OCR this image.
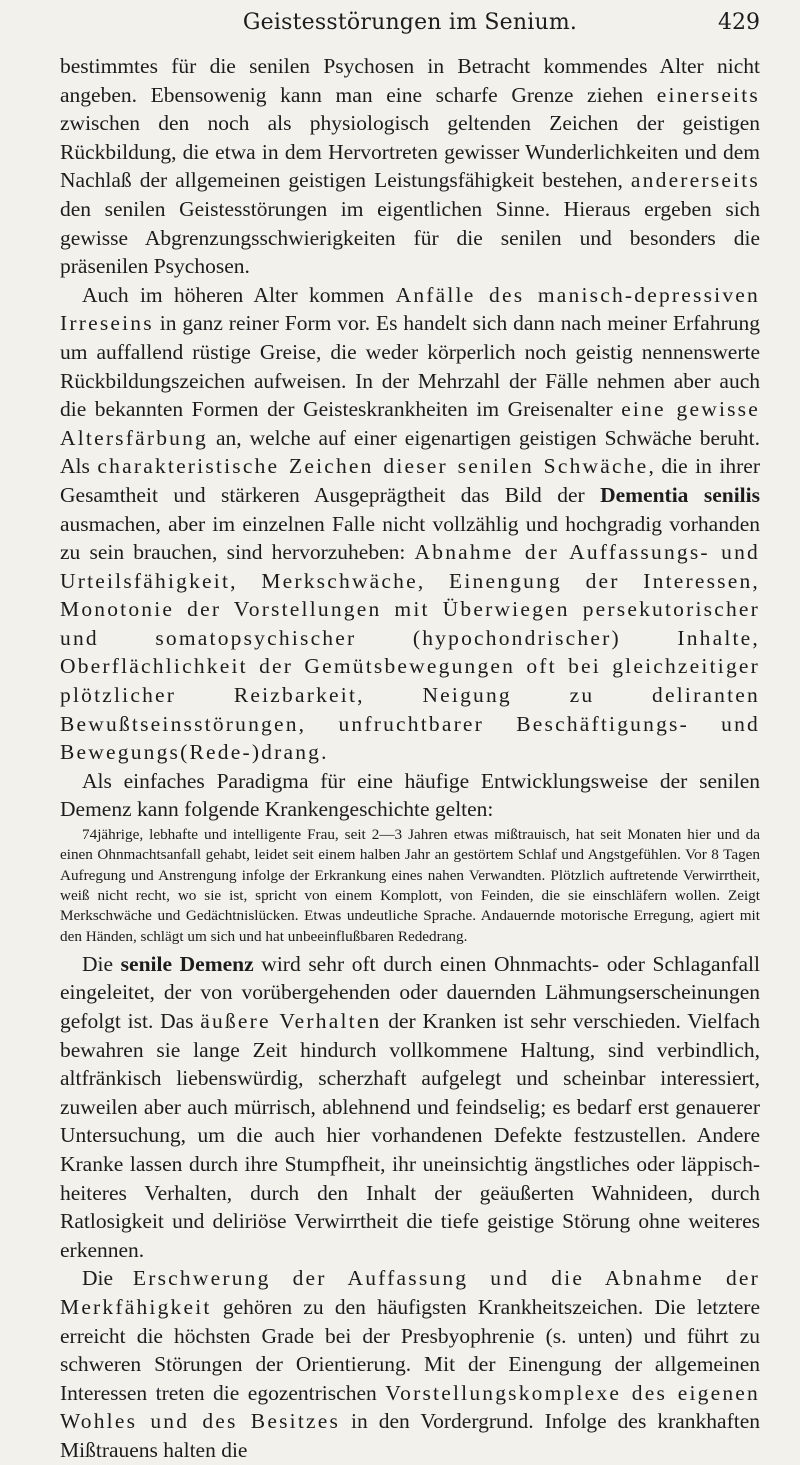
Geistesstörungen im Senium.	429

bestimmtes für die senilen Psychosen in Betracht kommendes Alter nicht angeben. Ebensowenig kann man eine scharfe Grenze ziehen einerseits zwischen den noch als physiologisch geltenden Zeichen der geistigen Rückbildung, die etwa in dem Hervortreten gewisser Wunderlichkeiten und dem Nachlaß der allgemeinen geistigen Leistungsfähigkeit bestehen, andererseits den senilen Geistesstörungen im eigentlichen Sinne. Hieraus ergeben sich gewisse Abgrenzungsschwierigkeiten für die senilen und besonders die präsenilen Psychosen.

Auch im höheren Alter kommen Anfälle des manisch-depressiven Irreseins in ganz reiner Form vor. Es handelt sich dann nach meiner Erfahrung um auffallend rüstige Greise, die weder körperlich noch geistig nennenswerte Rückbildungszeichen aufweisen. In der Mehrzahl der Fälle nehmen aber auch die bekannten Formen der Geisteskrankheiten im Greisenalter eine gewisse Altersfärbung an, welche auf einer eigenartigen geistigen Schwäche beruht. Als charakteristische Zeichen dieser senilen Schwäche, die in ihrer Gesamtheit und stärkeren Ausgeprägtheit das Bild der Dementia senilis ausmachen, aber im einzelnen Falle nicht vollzählig und hochgradig vorhanden zu sein brauchen, sind hervorzuheben: Abnahme der Auffassungs- und Urteilsfähigkeit, Merkschwäche, Einengung der Interessen, Monotonie der Vorstellungen mit Überwiegen persekutorischer und somatopsychischer (hypochondrischer) Inhalte, Oberflächlichkeit der Gemütsbewegungen oft bei gleichzeitiger plötzlicher Reizbarkeit, Neigung zu deliranten Bewußtseinsstörungen, unfruchtbarer Beschäftigungs- und Bewegungs(Rede-)drang.

Als einfaches Paradigma für eine häufige Entwicklungsweise der senilen Demenz kann folgende Krankengeschichte gelten:

74jährige, lebhafte und intelligente Frau, seit 2—3 Jahren etwas mißtrauisch, hat seit Monaten hier und da einen Ohnmachtsanfall gehabt, leidet seit einem halben Jahr an gestörtem Schlaf und Angstgefühlen. Vor 8 Tagen Aufregung und Anstrengung infolge der Erkrankung eines nahen Verwandten. Plötzlich auftretende Verwirrtheit, weiß nicht recht, wo sie ist, spricht von einem Komplott, von Feinden, die sie einschläfern wollen. Zeigt Merkschwäche und Gedächtnislücken. Etwas undeutliche Sprache. Andauernde motorische Erregung, agiert mit den Händen, schlägt um sich und hat unbeeinflußbaren Rededrang.

Die senile Demenz wird sehr oft durch einen Ohnmachts- oder Schlaganfall eingeleitet, der von vorübergehenden oder dauernden Lähmungserscheinungen gefolgt ist. Das äußere Verhalten der Kranken ist sehr verschieden. Vielfach bewahren sie lange Zeit hindurch vollkommene Haltung, sind verbindlich, altfränkisch liebenswürdig, scherzhaft aufgelegt und scheinbar interessiert, zuweilen aber auch mürrisch, ablehnend und feindselig; es bedarf erst genauerer Untersuchung, um die auch hier vorhandenen Defekte festzustellen. Andere Kranke lassen durch ihre Stumpfheit, ihr uneinsichtig ängstliches oder läppisch-heiteres Verhalten, durch den Inhalt der geäußerten Wahnideen, durch Ratlosigkeit und deliriöse Verwirrtheit die tiefe geistige Störung ohne weiteres erkennen.

Die Erschwerung der Auffassung und die Abnahme der Merkfähigkeit gehören zu den häufigsten Krankheitszeichen. Die letztere erreicht die höchsten Grade bei der Presbyophrenie (s. unten) und führt zu schweren Störungen der Orientierung. Mit der Einengung der allgemeinen Interessen treten die egozentrischen Vorstellungskomplexe des eigenen Wohles und des Besitzes in den Vordergrund. Infolge des krankhaften Mißtrauens halten die
